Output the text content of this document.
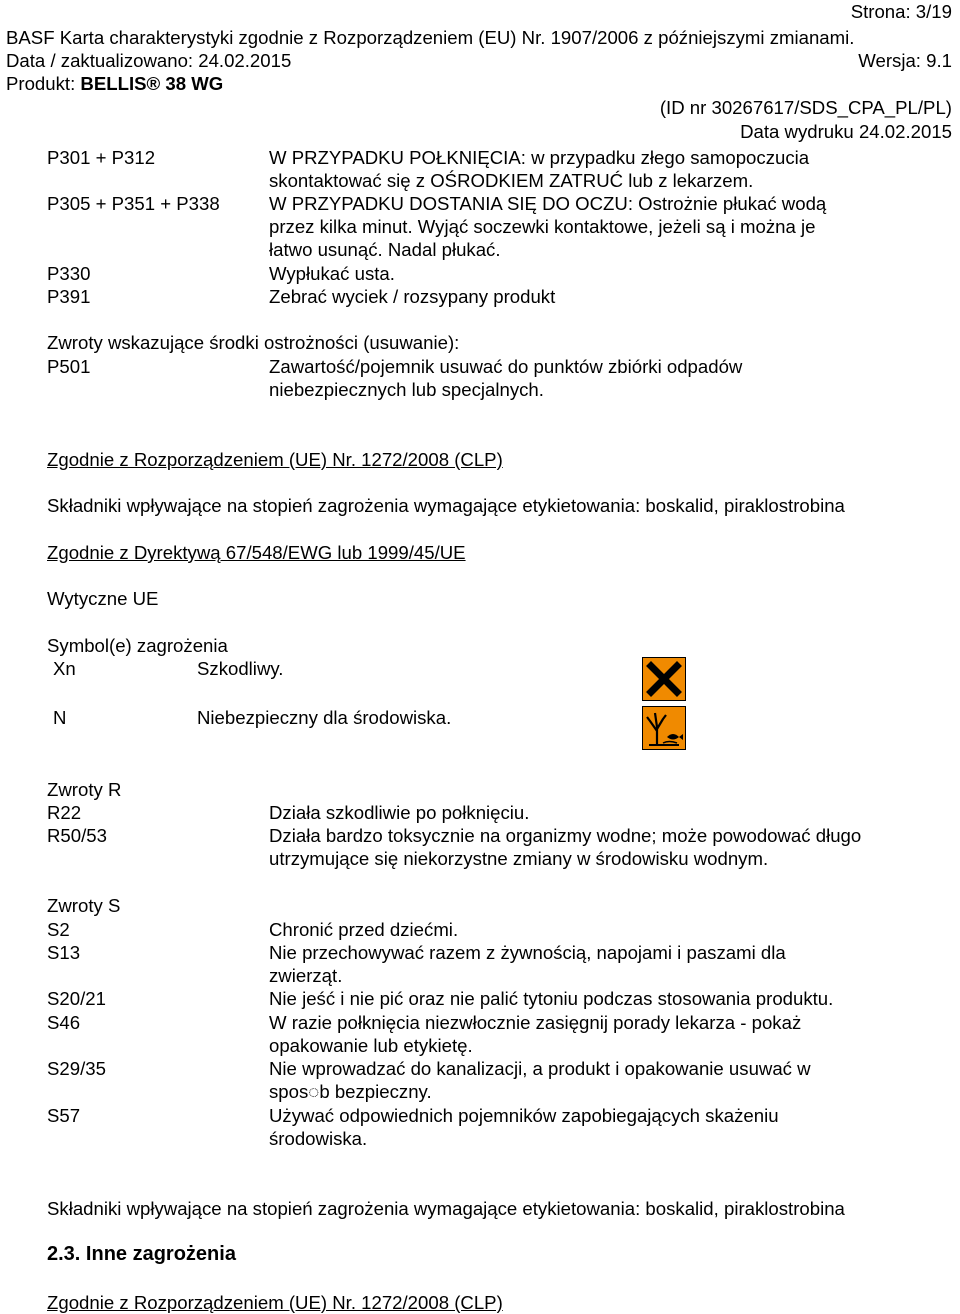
Strona: 3/19
BASF Karta charakterystyki zgodnie z Rozporządzeniem (EU) Nr. 1907/2006 z późniejszymi zmianami.
Data / zaktualizowano: 24.02.2015	Wersja: 9.1
Produkt: BELLIS® 38 WG
(ID nr 30267617/SDS_CPA_PL/PL)
Data wydruku 24.02.2015
P301 + P312	W PRZYPADKU POŁKNIĘCIA: w przypadku złego samopoczucia
skontaktować się z OŚRODKIEM ZATRUĆ lub z lekarzem.
P305 + P351 + P338	W PRZYPADKU DOSTANIA SIĘ DO OCZU: Ostrożnie płukać wodą
przez kilka minut. Wyjąć soczewki kontaktowe, jeżeli są i można je
łatwo usunąć. Nadal płukać.
P330	Wypłukać usta.
P391	Zebrać wyciek / rozsypany produkt
Zwroty wskazujące środki ostrożności (usuwanie):
P501	Zawartość/pojemnik usuwać do punktów zbiórki odpadów
niebezpiecznych lub specjalnych.
Zgodnie z Rozporządzeniem (UE) Nr. 1272/2008 (CLP)
Składniki wpływające na stopień zagrożenia wymagające etykietowania: boskalid, piraklostrobina
Zgodnie z Dyrektywą 67/548/EWG lub 1999/45/UE
Wytyczne UE
Symbol(e) zagrożenia
Xn	Szkodliwy.
N	Niebezpieczny dla środowiska.
Zwroty R
R22	Działa szkodliwie po połknięciu.
R50/53	Działa bardzo toksycznie na organizmy wodne; może powodować długo
utrzymujące się niekorzystne zmiany w środowisku wodnym.
Zwroty S
S2	Chronić przed dziećmi.
S13	Nie przechowywać razem z żywnością, napojami i paszami dla
zwierząt.
S20/21	Nie jeść i nie pić oraz nie palić tytoniu podczas stosowania produktu.
S46	W razie połknięcia niezwłocznie zasięgnij porady lekarza - pokaż
opakowanie lub etykietę.
S29/35	Nie wprowadzać do kanalizacji, a produkt i opakowanie usuwać w
spos◌b bezpieczny.
S57	Używać odpowiednich pojemników zapobiegających skażeniu
środowiska.
Składniki wpływające na stopień zagrożenia wymagające etykietowania: boskalid, piraklostrobina
2.3. Inne zagrożenia
Zgodnie z Rozporządzeniem (UE) Nr. 1272/2008 (CLP)
